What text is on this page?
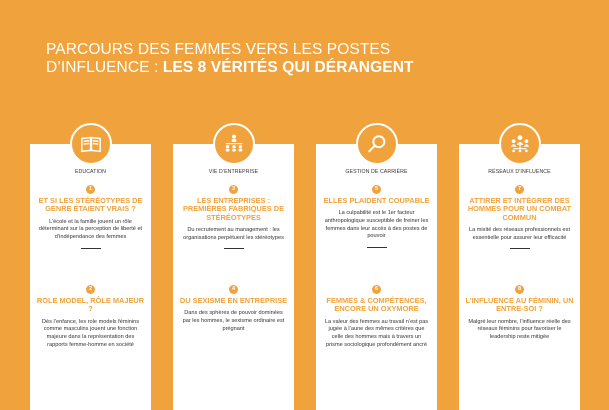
PARCOURS DES FEMMES VERS LES POSTES
D’INFLUENCE : LES 8 VÉRITÉS QUI DÉRANGENT
EDUCATION
1
ET SI LES STÉRÉOTYPES DE GENRE ÉTAIENT VRAIS ?
L’école et la famille jouent un rôle déterminant sur la perception de liberté et d’indépendance des femmes
2
ROLE MODEL, RÔLE MAJEUR ?
Dès l’enfance, les role models féminins comme masculins jouent une fonction majeure dans la représentation des rapports femme-homme en société
VIE D’ENTREPRISE
3
LES ENTREPRISES : PREMIÈRES FABRIQUES DE STÉRÉOTYPES
Du recrutement au management : les organisations perpétuent les stéréotypes
4
DU SEXISME EN ENTREPRISE
Dans des sphères de pouvoir dominées par les hommes, le sexisme ordinaire est prégnant
GESTION DE CARRIÈRE
5
ELLES PLAIDENT COUPABLE
La culpabilité est le 1er facteur anthropologique susceptible de freiner les femmes dans leur accès à des postes de pouvoir
6
FEMMES & COMPÉTENCES, ENCORE UN OXYMORE
La valeur des femmes au travail n’est pas jugée à l’aune des mêmes critères que celle des hommes mais à travers un prisme sociologique profondément ancré
RÉSEAUX D’INFLUENCE
7
ATTIRER ET INTÉGRER DES HOMMES POUR UN COMBAT COMMUN
La mixité des réseaux professionnels est essentielle pour assurer leur efficacité
8
L’INFLUENCE AU FÉMININ, UN ENTRE-SOI ?
Malgré leur nombre, l’influence réelle des réseaux féminins pour favoriser le leadership reste mitigée
